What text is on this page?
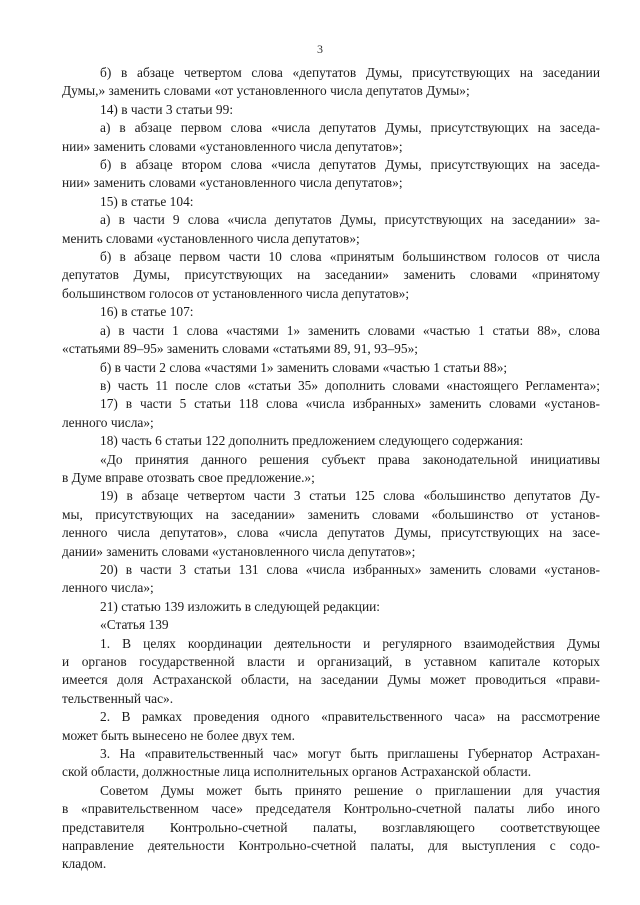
3
б) в абзаце четвертом слова «депутатов Думы, присутствующих на заседании
Думы,» заменить словами «от установленного числа депутатов Думы»;
14) в части 3 статьи 99:
а) в абзаце первом слова «числа депутатов Думы, присутствующих на заседа-
нии» заменить словами «установленного числа депутатов»;
б) в абзаце втором слова «числа депутатов Думы, присутствующих на заседа-
нии» заменить словами «установленного числа депутатов»;
15) в статье 104:
а) в части 9 слова «числа депутатов Думы, присутствующих на заседании» за-
менить словами «установленного числа депутатов»;
б) в абзаце первом части 10 слова «принятым большинством голосов от числа
депутатов Думы, присутствующих на заседании» заменить словами «принятому
большинством голосов от установленного числа депутатов»;
16) в статье 107:
а) в части 1 слова «частями 1» заменить словами «частью 1 статьи 88», слова
«статьями 89–95» заменить словами «статьями 89, 91, 93–95»;
б) в части 2 слова «частями 1» заменить словами «частью 1 статьи 88»;
в) часть 11 после слов «статьи 35» дополнить словами «настоящего Регламента»;
17) в части 5 статьи 118 слова «числа избранных» заменить словами «установ-
ленного числа»;
18) часть 6 статьи 122 дополнить предложением следующего содержания:
«До принятия данного решения субъект права законодательной инициативы
в Думе вправе отозвать свое предложение.»;
19) в абзаце четвертом части 3 статьи 125 слова «большинство депутатов Ду-
мы, присутствующих на заседании» заменить словами «большинство от установ-
ленного числа депутатов», слова «числа депутатов Думы, присутствующих на засе-
дании» заменить словами «установленного числа депутатов»;
20) в части 3 статьи 131 слова «числа избранных» заменить словами «установ-
ленного числа»;
21) статью 139 изложить в следующей редакции:
«Статья 139
1. В целях координации деятельности и регулярного взаимодействия Думы
и органов государственной власти и организаций, в уставном капитале которых
имеется доля Астраханской области, на заседании Думы может проводиться «прави-
тельственный час».
2. В рамках проведения одного «правительственного часа» на рассмотрение
может быть вынесено не более двух тем.
3. На «правительственный час» могут быть приглашены Губернатор Астрахан-
ской области, должностные лица исполнительных органов Астраханской области.
Советом Думы может быть принято решение о приглашении для участия
в «правительственном часе» председателя Контрольно-счетной палаты либо иного
представителя Контрольно-счетной палаты, возглавляющего соответствующее
направление деятельности Контрольно-счетной палаты, для выступления с содо-
кладом.
